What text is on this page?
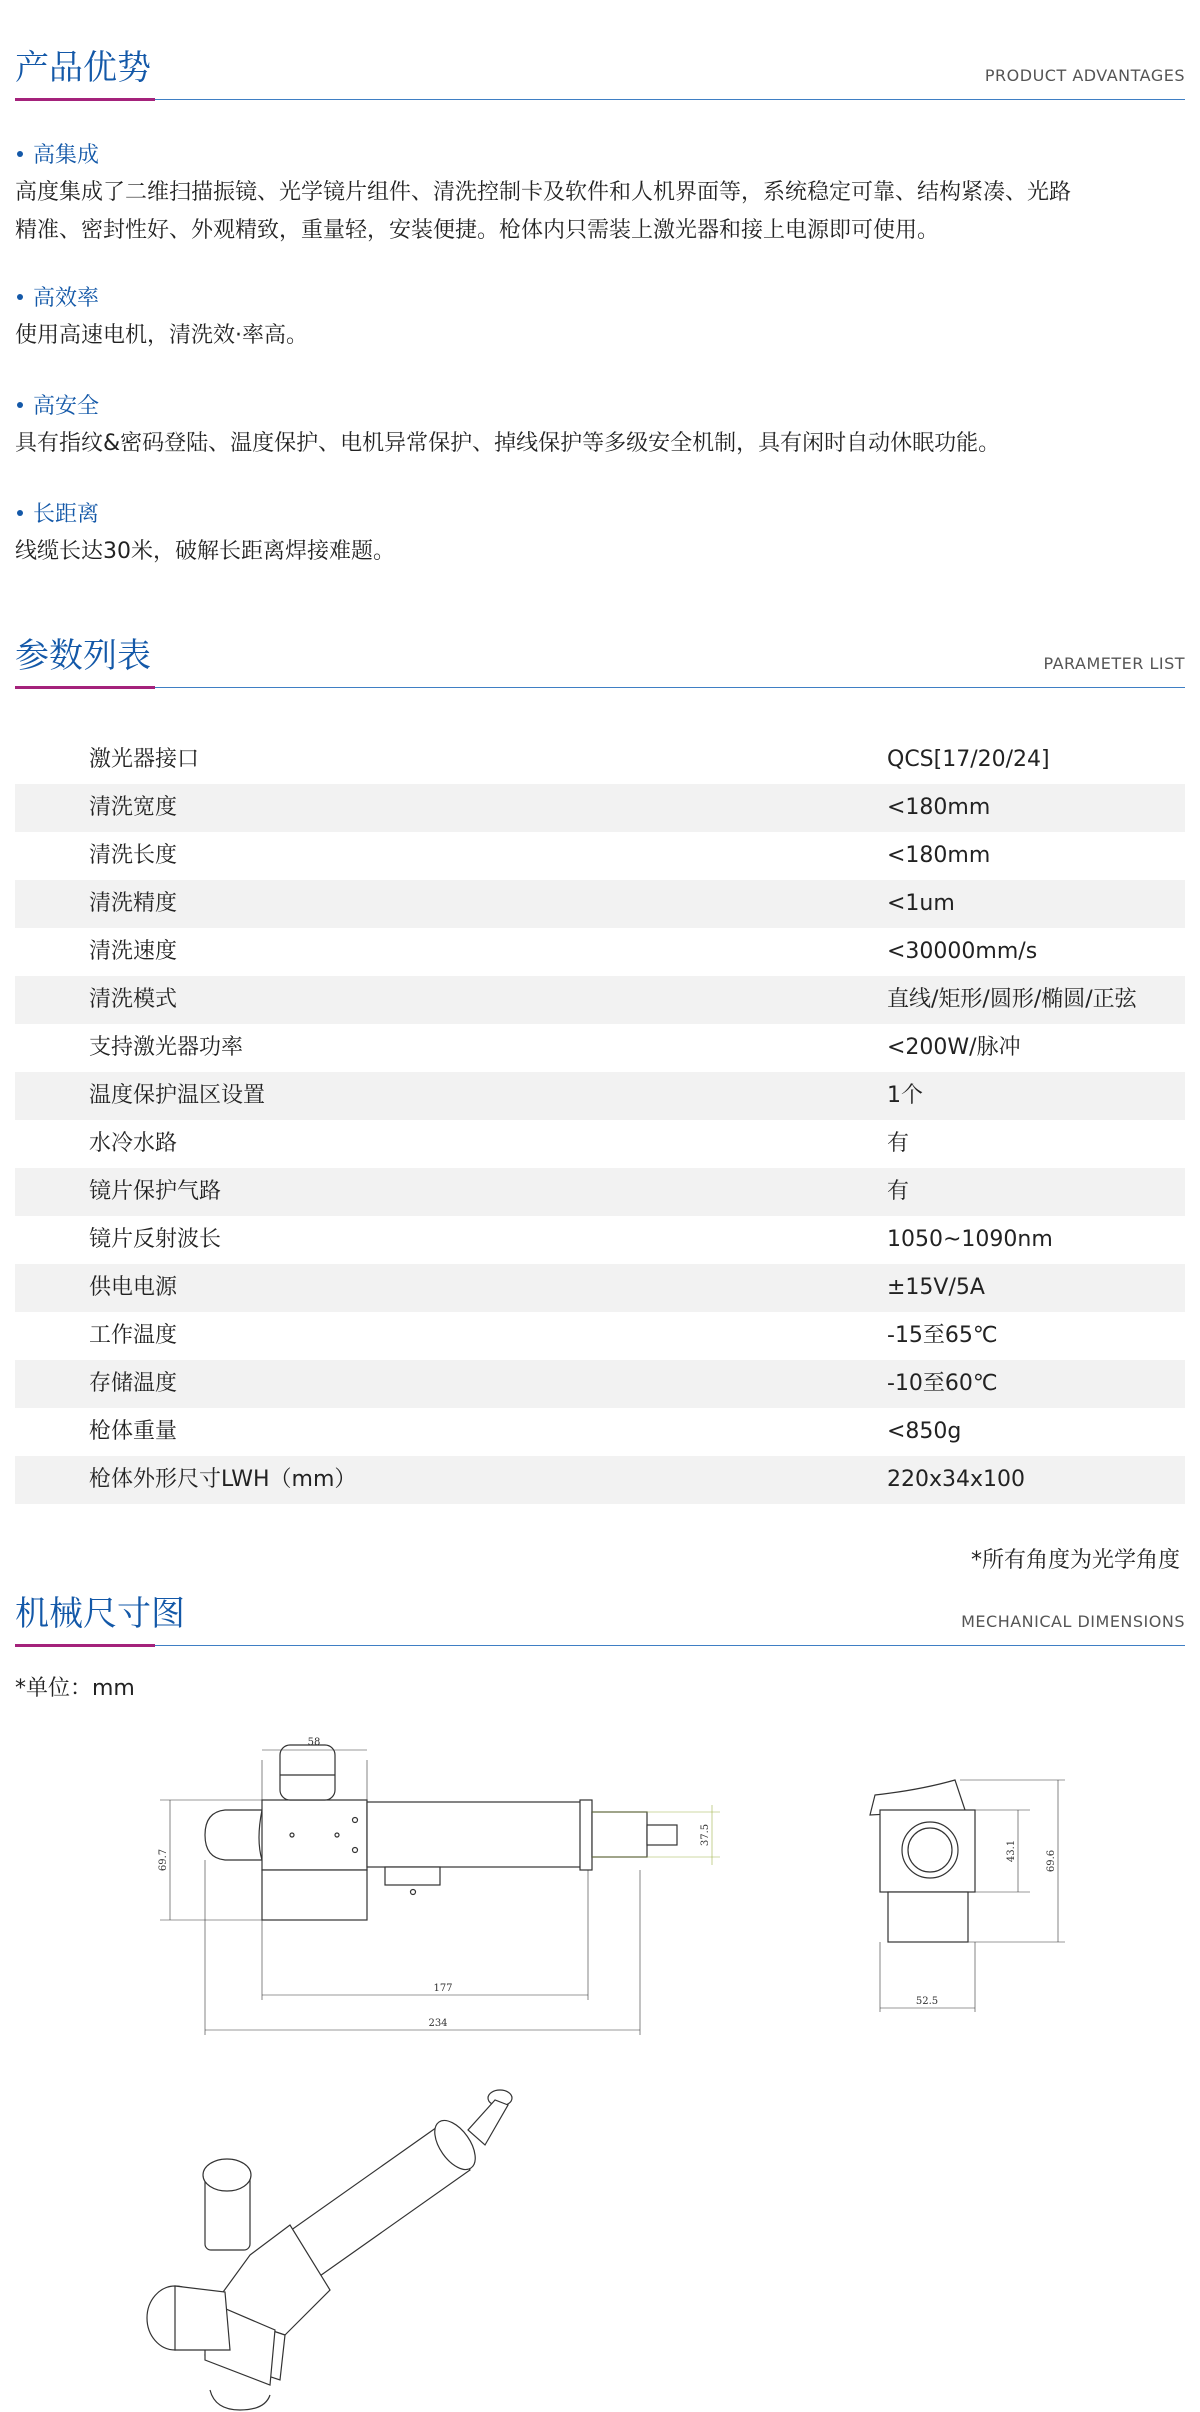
产品优势	PRODUCT ADVANTAGES
高集成
高度集成了二维扫描振镜、光学镜片组件、清洗控制卡及软件和人机界面等，系统稳定可靠、结构紧凑、光路
精准、密封性好、外观精致，重量轻，安装便捷。枪体内只需装上激光器和接上电源即可使用。
高效率
使用高速电机，清洗效·率高。
高安全
具有指纹&密码登陆、温度保护、电机异常保护、掉线保护等多级安全机制，具有闲时自动休眠功能。
长距离
线缆长达30米，破解长距离焊接难题。
参数列表	PARAMETER LIST
激光器接口	QCS[17/20/24]
清洗宽度	<180mm
清洗长度	<180mm
清洗精度	<1um
清洗速度	<30000mm/s
清洗模式	直线/矩形/圆形/椭圆/正弦
支持激光器功率	<200W/脉冲
温度保护温区设置	1个
水冷水路	有
镜片保护气路	有
镜片反射波长	1050~1090nm
供电电源	±15V/5A
工作温度	-15至65℃
存储温度	-10至60℃
枪体重量	<850g
枪体外形尺寸LWH（mm）	220x34x100
*所有角度为光学角度
机械尺寸图	MECHANICAL DIMENSIONS
*单位：mm
58
69.7
37.5
177
234
43.1	69.6
52.5
